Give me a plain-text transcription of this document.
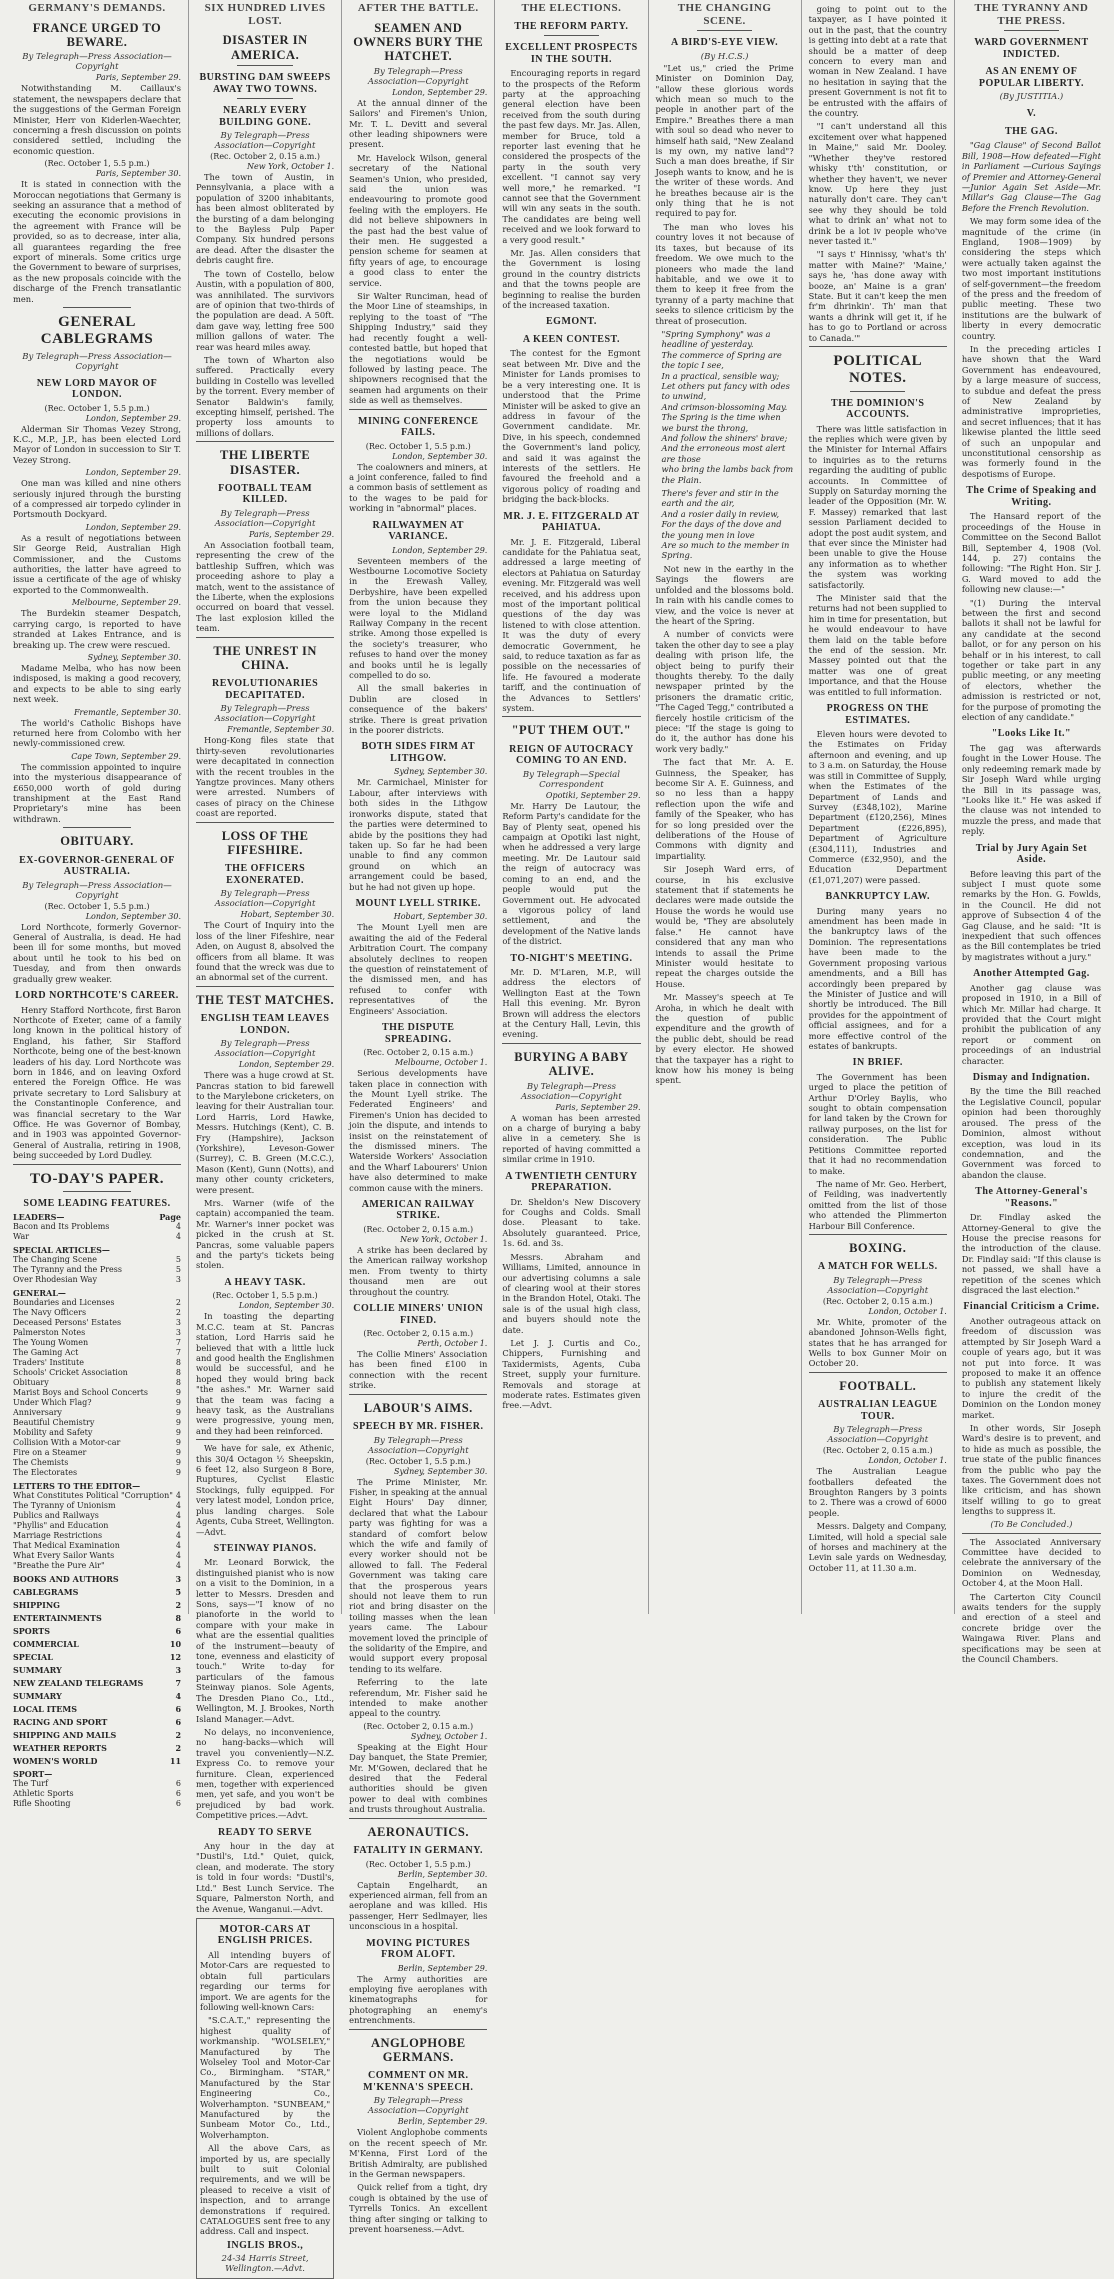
GERMANY'S DEMANDS.
FRANCE URGED TO BEWARE.
By Telegraph—Press Association—Copyright
Paris, September 29.

Notwithstanding M. Caillaux's statement, the newspapers declare that the suggestions of the German Foreign Minister, Herr von Kiderlen-Waechter, concerning a fresh discussion on points considered settled, including the economic question.

(Rec. October 1, 5.5 p.m.)
Paris, September 30.

It is stated in connection with the Moroccan negotiations that Germany is seeking an assurance that a method of executing the economic provisions in the agreement with France will be provided, so as to decrease, inter alia, all guarantees regarding the free export of minerals. Some critics urge the Government to beware of surprises, as the new proposals coincide with the discharge of the French transatlantic men.

GENERAL CABLEGRAMS
By Telegraph—Press Association—Copyright
NEW LORD MAYOR OF LONDON.
(Rec. October 1, 5.5 p.m.)
London, September 29.

Alderman Sir Thomas Vezey Strong, K.C., M.P., J.P., has been elected Lord Mayor of London in succession to Sir T. Vezey Strong.

London, September 29.

One man was killed and nine others seriously injured through the bursting of a compressed air torpedo cylinder in Portsmouth Dockyard.

London, September 29.

As a result of negotiations between Sir George Reid, Australian High Commissioner, and the Customs authorities, the latter have agreed to issue a certificate of the age of whisky exported to the Commonwealth.

Melbourne, September 29.

The Burdekin steamer Despatch, carrying cargo, is reported to have stranded at Lakes Entrance, and is breaking up. The crew were rescued.

Sydney, September 30.

Madame Melba, who has now been indisposed, is making a good recovery, and expects to be able to sing early next week.

Fremantle, September 30.

The world's Catholic Bishops have returned here from Colombo with her newly-commissioned crew.

Cape Town, September 29.

The commission appointed to inquire into the mysterious disappearance of £650,000 worth of gold during transhipment at the East Rand Proprietary's mine has been withdrawn.

OBITUARY.
EX-GOVERNOR-GENERAL OF AUSTRALIA.
By Telegraph—Press Association—Copyright
(Rec. October 1, 5.5 p.m.)
London, September 30.

Lord Northcote, formerly Governor-General of Australia, is dead. He had been ill for some months, but moved about until he took to his bed on Tuesday, and from then onwards gradually grew weaker.

LORD NORTHCOTE'S CAREER.

Henry Stafford Northcote, first Baron Northcote of Exeter, came of a family long known in the political history of England, his father, Sir Stafford Northcote, being one of the best-known leaders of his day. Lord Northcote was born in 1846, and on leaving Oxford entered the Foreign Office. He was private secretary to Lord Salisbury at the Constantinople Conference, and was financial secretary to the War Office. He was Governor of Bombay, and in 1903 was appointed Governor-General of Australia, retiring in 1908, being succeeded by Lord Dudley.

TO-DAY'S PAPER.
SOME LEADING FEATURES.
LEADERS—	Page
Bacon and Its Problems	4
War	4
SPECIAL ARTICLES—
The Changing Scene	5
The Tyranny and the Press	5
Over Rhodesian Way	3
GENERAL—
Boundaries and Licenses	2
The Navy Officers	2
Deceased Persons' Estates	3
Palmerston Notes	3
The Young Women	7
The Gaming Act	7
Traders' Institute	8
Schools' Cricket Association	8
Obituary	8
Marist Boys and School Concerts	9
Under Which Flag?	9
Anniversary	9
Beautiful Chemistry	9
Mobility and Safety	9
Collision With a Motor-car	9
Fire on a Steamer	9
The Chemists	9
The Electorates	9
LETTERS TO THE EDITOR—
What Constitutes Political "Corruption" 4
The Tyranny of Unionism	4
Publics and Railways	4
"Phyllis" and Education	4
Marriage Restrictions	4
That Medical Examination	4
What Every Sailor Wants	4
"Breathe the Pure Air"	4
BOOKS AND AUTHORS	3
CABLEGRAMS	5
SHIPPING	2
ENTERTAINMENTS	8
SPORTS	6
COMMERCIAL	10
SPECIAL	12
SUMMARY	3
NEW ZEALAND TELEGRAMS	7
SUMMARY	4
LOCAL ITEMS	6
RACING AND SPORT	6
SHIPPING AND MAILS	2
WEATHER REPORTS	2
WOMEN'S WORLD	11
SPORT—
The Turf	6
Athletic Sports	6
Rifle Shooting	6
SIX HUNDRED LIVES LOST.
DISASTER IN AMERICA.
BURSTING DAM SWEEPS AWAY TWO TOWNS.
NEARLY EVERY BUILDING GONE.
By Telegraph—Press Association—Copyright
(Rec. October 2, 0.15 a.m.)
New York, October 1.

The town of Austin, in Pennsylvania, a place with a population of 3200 inhabitants, has been almost obliterated by the bursting of a dam belonging to the Bayless Pulp Paper Company. Six hundred persons are dead. After the disaster the debris caught fire.

The town of Costello, below Austin, with a population of 800, was annihilated. The survivors are of opinion that two-thirds of the population are dead. A 50ft. dam gave way, letting free 500 million gallons of water. The rear was heard miles away.

The town of Wharton also suffered. Practically every building in Costello was levelled by the torrent. Every member of Senator Baldwin's family, excepting himself, perished. The property loss amounts to millions of dollars.

THE LIBERTE DISASTER.
FOOTBALL TEAM KILLED.
By Telegraph—Press Association—Copyright
Paris, September 29.

An Association football team, representing the crew of the battleship Suffren, which was proceeding ashore to play a match, went to the assistance of the Liberte, when the explosions occurred on board that vessel. The last explosion killed the team.

THE UNREST IN CHINA.
REVOLUTIONARIES DECAPITATED.
By Telegraph—Press Association—Copyright
Fremantle, September 30.

Hong-Kong files state that thirty-seven revolutionaries were decapitated in connection with the recent troubles in the Yangtze provinces. Many others were arrested. Numbers of cases of piracy on the Chinese coast are reported.

LOSS OF THE FIFESHIRE.
THE OFFICERS EXONERATED.
By Telegraph—Press Association—Copyright
Hobart, September 30.

The Court of Inquiry into the loss of the liner Fifeshire, near Aden, on August 8, absolved the officers from all blame. It was found that the wreck was due to an abnormal set of the current.

THE TEST MATCHES.
ENGLISH TEAM LEAVES LONDON.
By Telegraph—Press Association—Copyright
London, September 29.

There was a huge crowd at St. Pancras station to bid farewell to the Marylebone cricketers, on leaving for their Australian tour. Lord Harris, Lord Hawke, Messrs. Hutchings (Kent), C. B. Fry (Hampshire), Jackson (Yorkshire), Leveson-Gower (Surrey), C. B. Green (M.C.C.), Mason (Kent), Gunn (Notts), and many other county cricketers, were present.

Mrs. Warner (wife of the captain) accompanied the team. Mr. Warner's inner pocket was picked in the crush at St. Pancras, some valuable papers and the party's tickets being stolen.

A HEAVY TASK.
(Rec. October 1, 5.5 p.m.)
London, September 30.

In toasting the departing M.C.C. team at St. Pancras station, Lord Harris said he believed that with a little luck and good health the Englishmen would be successful, and he hoped they would bring back "the ashes." Mr. Warner said that the team was facing a heavy task, as the Australians were progressive, young men, and they had been reinforced.

We have for sale, ex Athenic, this 30/4 Octagon ½ Sheepskin, 6 feet 12, also Surgeon 8 Bore, Ruptures, Cyclist Elastic Stockings, fully equipped. For very latest model, London price, plus landing charges. Sole Agents, Cuba Street, Wellington.—Advt.

STEINWAY PIANOS.

Mr. Leonard Borwick, the distinguished pianist who is now on a visit to the Dominion, in a letter to Messrs. Dresden and Sons, says—"I know of no pianoforte in the world to compare with your make in what are the essential qualities of the instrument—beauty of tone, evenness and elasticity of touch." Write to-day for particulars of the famous Steinway pianos. Sole Agents, The Dresden Piano Co., Ltd., Wellington, M. J. Brookes, North Island Manager.—Advt.

No delays, no inconvenience, no hang-backs—which will travel you conveniently—N.Z. Express Co. to remove your furniture. Clean, experienced men, together with experienced men, yet safe, and you won't be prejudiced by bad work. Competitive prices.—Advt.

READY TO SERVE

Any hour in the day at "Dustil's, Ltd." Quiet, quick, clean, and moderate. The story is told in four words: "Dustil's, Ltd." Best Lunch Service. The Square, Palmerston North, and the Avenue, Wanganui.—Advt.

MOTOR-CARS AT ENGLISH PRICES.

All intending buyers of Motor-Cars are requested to obtain full particulars regarding our terms for import. We are agents for the following well-known Cars:

"S.C.A.T.," representing the highest quality of workmanship. "WOLSELEY," Manufactured by The Wolseley Tool and Motor-Car Co., Birmingham. "STAR," Manufactured by the Star Engineering Co., Wolverhampton. "SUNBEAM," Manufactured by the Sunbeam Motor Co., Ltd., Wolverhampton.

All the above Cars, as imported by us, are specially built to suit Colonial requirements, and we will be pleased to receive a visit of inspection, and to arrange demonstrations if required. CATALOGUES sent free to any address. Call and inspect.

INGLIS BROS.,
24-34 Harris Street, Wellington.—Advt.
AFTER THE BATTLE.
SEAMEN AND OWNERS BURY THE HATCHET.
By Telegraph—Press Association—Copyright
London, September 29.

At the annual dinner of the Sailors' and Firemen's Union, Mr. T. L. Devitt and several other leading shipowners were present.

Mr. Havelock Wilson, general secretary of the National Seamen's Union, who presided, said the union was endeavouring to promote good feeling with the employers. He did not believe shipowners in the past had the best value of their men. He suggested a pension scheme for seamen at fifty years of age, to encourage a good class to enter the service.

Sir Walter Runciman, head of the Moor Line of steamships, in replying to the toast of "The Shipping Industry," said they had recently fought a well-contested battle, but hoped that the negotiations would be followed by lasting peace. The shipowners recognised that the seamen had arguments on their side as well as themselves.

MINING CONFERENCE FAILS.
(Rec. October 1, 5.5 p.m.)
London, September 30.

The coalowners and miners, at a joint conference, failed to find a common basis of settlement as to the wages to be paid for working in "abnormal" places.

RAILWAYMEN AT VARIANCE.
London, September 29.

Seventeen members of the Westbourne Locomotive Society in the Erewash Valley, Derbyshire, have been expelled from the union because they were loyal to the Midland Railway Company in the recent strike. Among those expelled is the society's treasurer, who refuses to hand over the money and books until he is legally compelled to do so.

All the small bakeries in Dublin are closed in consequence of the bakers' strike. There is great privation in the poorer districts.

BOTH SIDES FIRM AT LITHGOW.
Sydney, September 30.

Mr. Carmichael, Minister for Labour, after interviews with both sides in the Lithgow ironworks dispute, stated that the parties were determined to abide by the positions they had taken up. So far he had been unable to find any common ground on which an arrangement could be based, but he had not given up hope.

MOUNT LYELL STRIKE.
Hobart, September 30.

The Mount Lyell men are awaiting the aid of the Federal Arbitration Court. The company absolutely declines to reopen the question of reinstatement of the dismissed men, and has refused to confer with representatives of the Engineers' Association.

THE DISPUTE SPREADING.
(Rec. October 2, 0.15 a.m.)
Melbourne, October 1.

Serious developments have taken place in connection with the Mount Lyell strike. The Federated Engineers' and Firemen's Union has decided to join the dispute, and intends to insist on the reinstatement of the dismissed miners. The Waterside Workers' Association and the Wharf Labourers' Union have also determined to make common cause with the miners.

AMERICAN RAILWAY STRIKE.
(Rec. October 2, 0.15 a.m.)
New York, October 1.

A strike has been declared by the American railway workshop men. From twenty to thirty thousand men are out throughout the country.

COLLIE MINERS' UNION FINED.
(Rec. October 2, 0.15 a.m.)
Perth, October 1.

The Collie Miners' Association has been fined £100 in connection with the recent strike.

LABOUR'S AIMS.
SPEECH BY MR. FISHER.
By Telegraph—Press Association—Copyright
(Rec. October 1, 5.5 p.m.)
Sydney, September 30.

The Prime Minister, Mr. Fisher, in speaking at the annual Eight Hours' Day dinner, declared that what the Labour party was fighting for was a standard of comfort below which the wife and family of every worker should not be allowed to fall. The Federal Government was taking care that the prosperous years should not leave them to run riot and bring disaster on the toiling masses when the lean years came. The Labour movement loved the principle of the solidarity of the Empire, and would support every proposal tending to its welfare.

Referring to the late referendum, Mr. Fisher said he intended to make another appeal to the country.

(Rec. October 2, 0.15 a.m.)
Sydney, October 1.

Speaking at the Eight Hour Day banquet, the State Premier, Mr. M'Gowen, declared that he desired that the Federal authorities should be given power to deal with combines and trusts throughout Australia.

AERONAUTICS.
FATALITY IN GERMANY.
(Rec. October 1, 5.5 p.m.)
Berlin, September 30.

Captain Engelhardt, an experienced airman, fell from an aeroplane and was killed. His passenger, Herr Sedlmayer, lies unconscious in a hospital.

MOVING PICTURES FROM ALOFT.
Berlin, September 29.

The Army authorities are employing five aeroplanes with kinematographs for photographing an enemy's entrenchments.

ANGLOPHOBE GERMANS.
COMMENT ON MR. M'KENNA'S SPEECH.
By Telegraph—Press Association—Copyright
Berlin, September 29.

Violent Anglophobe comments on the recent speech of Mr. M'Kenna, First Lord of the British Admiralty, are published in the German newspapers.

Quick relief from a tight, dry cough is obtained by the use of Tyrrells Tonics. An excellent thing after singing or talking to prevent hoarseness.—Advt.

THE ELECTIONS.
THE REFORM PARTY.
EXCELLENT PROSPECTS IN THE SOUTH.

Encouraging reports in regard to the prospects of the Reform party at the approaching general election have been received from the south during the past few days. Mr. Jas. Allen, member for Bruce, told a reporter last evening that he considered the prospects of the party in the south very excellent. "I cannot say very well more," he remarked. "I cannot see that the Government will win any seats in the south. The candidates are being well received and we look forward to a very good result."

Mr. Jas. Allen considers that the Government is losing ground in the country districts and that the towns people are beginning to realise the burden of the increased taxation.

EGMONT.
A KEEN CONTEST.

The contest for the Egmont seat between Mr. Dive and the Minister for Lands promises to be a very interesting one. It is understood that the Prime Minister will be asked to give an address in favour of the Government candidate. Mr. Dive, in his speech, condemned the Government's land policy, and said it was against the interests of the settlers. He favoured the freehold and a vigorous policy of roading and bridging the back-blocks.

MR. J. E. FITZGERALD AT PAHIATUA.

Mr. J. E. Fitzgerald, Liberal candidate for the Pahiatua seat, addressed a large meeting of electors at Pahiatua on Saturday evening. Mr. Fitzgerald was well received, and his address upon most of the important political questions of the day was listened to with close attention. It was the duty of every democratic Government, he said, to reduce taxation as far as possible on the necessaries of life. He favoured a moderate tariff, and the continuation of the Advances to Settlers' system.

"PUT THEM OUT."
REIGN OF AUTOCRACY COMING TO AN END.
By Telegraph—Special Correspondent
Opotiki, September 29.

Mr. Harry De Lautour, the Reform Party's candidate for the Bay of Plenty seat, opened his campaign at Opotiki last night, when he addressed a very large meeting. Mr. De Lautour said the reign of autocracy was coming to an end, and the people would put the Government out. He advocated a vigorous policy of land settlement, and the development of the Native lands of the district.

TO-NIGHT'S MEETING.

Mr. D. M'Laren, M.P., will address the electors of Wellington East at the Town Hall this evening. Mr. Byron Brown will address the electors at the Century Hall, Levin, this evening.

BURYING A BABY ALIVE.
By Telegraph—Press Association—Copyright
Paris, September 29.

A woman has been arrested on a charge of burying a baby alive in a cemetery. She is reported of having committed a similar crime in 1910.

A TWENTIETH CENTURY PREPARATION.

Dr. Sheldon's New Discovery for Coughs and Colds. Small dose. Pleasant to take. Absolutely guaranteed. Price, 1s. 6d. and 3s.

Messrs. Abraham and Williams, Limited, announce in our advertising columns a sale of clearing wool at their stores in the Brandon Hotel, Otaki. The sale is of the usual high class, and buyers should note the date.

Let J. J. Curtis and Co., Chippers, Furnishing and Taxidermists, Agents, Cuba Street, supply your furniture. Removals and storage at moderate rates. Estimates given free.—Advt.

THE CHANGING SCENE.
A BIRD'S-EYE VIEW.
(By H.C.S.)

"Let us," cried the Prime Minister on Dominion Day, "allow these glorious words which mean so much to the people in another part of the Empire." Breathes there a man with soul so dead who never to himself hath said, "New Zealand is my own, my native land"? Such a man does breathe, if Sir Joseph wants to know, and he is the writer of these words. And he breathes because air is the only thing that he is not required to pay for.

The man who loves his country loves it not because of its taxes, but because of its freedom. We owe much to the pioneers who made the land habitable, and we owe it to them to keep it free from the tyranny of a party machine that seeks to silence criticism by the threat of prosecution.

"Spring Symphony" was a headline of yesterday.
The commerce of Spring are the topic I see,
In a practical, sensible way;
Let others put fancy with odes to unwind,
And crimson-blossoming May.
The Spring is the time when we burst the throng,
And follow the shiners' brave;
And the erroneous most alert are those
who bring the lambs back from the Plain.
There's fever and stir in the earth and the air,
And a rosier daily in review,
For the days of the dove and the young men in love
Are so much to the member in Spring.

Not new in the earthy in the Sayings the flowers are unfolded and the blossoms bold. In rain with his candle comes to view, and the voice is never at the heart of the Spring.

A number of convicts were taken the other day to see a play dealing with prison life, the object being to purify their thoughts thereby. To the daily newspaper printed by the prisoners the dramatic critic, "The Caged Tegg," contributed a fiercely hostile criticism of the piece: "If the stage is going to do it, the author has done his work very badly."

The fact that Mr. A. E. Guinness, the Speaker, has become Sir A. E. Guinness, and so no less than a happy reflection upon the wife and family of the Speaker, who has for so long presided over the deliberations of the House of Commons with dignity and impartiality.

Sir Joseph Ward errs, of course, in his exclusive statement that if statements he declares were made outside the House the words he would use would be, "They are absolutely false." He cannot have considered that any man who intends to assail the Prime Minister would hesitate to repeat the charges outside the House.

Mr. Massey's speech at Te Aroha, in which he dealt with the question of public expenditure and the growth of the public debt, should be read by every elector. He showed that the taxpayer has a right to know how his money is being spent.

going to point out to the taxpayer, as I have pointed it out in the past, that the country is getting into debt at a rate that should be a matter of deep concern to every man and woman in New Zealand. I have no hesitation in saying that the present Government is not fit to be entrusted with the affairs of the country.

"I can't understand all this excitement over what happened in Maine," said Mr. Dooley. "Whether they've restored whisky t'th' constitution, or whether they haven't, we never know. Up here they just naturally don't care. They can't see why they should be told what to drink an' what not to drink be a lot iv people who've never tasted it."

"I says t' Hinnissy, 'what's th' matter with Maine?' 'Maine,' says he, 'has done away with booze, an' Maine is a gran' State. But it can't keep the men fr'm dhrinkin'. Th' man that wants a dhrink will get it, if he has to go to Portland or across to Canada.'"

POLITICAL NOTES.
THE DOMINION'S ACCOUNTS.

There was little satisfaction in the replies which were given by the Minister for Internal Affairs to inquiries as to the returns regarding the auditing of public accounts. In Committee of Supply on Saturday morning the leader of the Opposition (Mr. W. F. Massey) remarked that last session Parliament decided to adopt the post audit system, and that ever since the Minister had been unable to give the House any information as to whether the system was working satisfactorily.

The Minister said that the returns had not been supplied to him in time for presentation, but he would endeavour to have them laid on the table before the end of the session. Mr. Massey pointed out that the matter was one of great importance, and that the House was entitled to full information.

PROGRESS ON THE ESTIMATES.

Eleven hours were devoted to the Estimates on Friday afternoon and evening, and up to 3 a.m. on Saturday, the House was still in Committee of Supply, when the Estimates of the Department of Lands and Survey (£348,102), Marine Department (£120,256), Mines Department (£226,895), Department of Agriculture (£304,111), Industries and Commerce (£32,950), and the Education Department (£1,071,207) were passed.

BANKRUPTCY LAW.

During many years no amendment has been made in the bankruptcy laws of the Dominion. The representations have been made to the Government proposing various amendments, and a Bill has accordingly been prepared by the Minister of Justice and will shortly be introduced. The Bill provides for the appointment of official assignees, and for a more effective control of the estates of bankrupts.

IN BRIEF.

The Government has been urged to place the petition of Arthur D'Orley Baylis, who sought to obtain compensation for land taken by the Crown for railway purposes, on the list for consideration. The Public Petitions Committee reported that it had no recommendation to make.

The name of Mr. Geo. Herbert, of Feilding, was inadvertently omitted from the list of those who attended the Plimmerton Harbour Bill Conference.

BOXING.
A MATCH FOR WELLS.
By Telegraph—Press Association—Copyright
(Rec. October 2, 0.15 a.m.)
London, October 1.

Mr. White, promoter of the abandoned Johnson-Wells fight, states that he has arranged for Wells to box Gunner Moir on October 20.

FOOTBALL.
AUSTRALIAN LEAGUE TOUR.
By Telegraph—Press Association—Copyright
(Rec. October 2, 0.15 a.m.)
London, October 1.

The Australian League footballers defeated the Broughton Rangers by 3 points to 2. There was a crowd of 6000 people.

Messrs. Dalgety and Company, Limited, will hold a special sale of horses and machinery at the Levin sale yards on Wednesday, October 11, at 11.30 a.m.

THE TYRANNY AND THE PRESS.
WARD GOVERNMENT INDICTED.
AS AN ENEMY OF POPULAR LIBERTY.
(By JUSTITIA.)
V.
THE GAG.

"Gag Clause" of Second Ballot Bill, 1908—How defeated—Fight in Parliament —Curious Sayings of Premier and Attorney-General—Junior Again Set Aside—Mr. Millar's Gag Clause—The Gag Before the French Revolution.

We may form some idea of the magnitude of the crime (in England, 1908—1909) by considering the steps which were actually taken against the two most important institutions of self-government—the freedom of the press and the freedom of public meeting. These two institutions are the bulwark of liberty in every democratic country.

In the preceding articles I have shown that the Ward Government has endeavoured, by a large measure of success, to subdue and defeat the press of New Zealand by administrative improprieties, and secret influences; that it has likewise planted the little seed of such an unpopular and unconstitutional censorship as was formerly found in the despotisms of Europe.

The Crime of Speaking and Writing.

The Hansard report of the proceedings of the House in Committee on the Second Ballot Bill, September 4, 1908 (Vol. 144, p. 27) contains the following: "The Right Hon. Sir J. G. Ward moved to add the following new clause:—"

"(1) During the interval between the first and second ballots it shall not be lawful for any candidate at the second ballot, or for any person on his behalf or in his interest, to call together or take part in any public meeting, or any meeting of electors, whether the admission is restricted or not, for the purpose of promoting the election of any candidate."

"Looks Like It."

The gag was afterwards fought in the Lower House. The only redeeming remark made by Sir Joseph Ward while urging the Bill in its passage was, "Looks like it." He was asked if the clause was not intended to muzzle the press, and made that reply.

Trial by Jury Again Set Aside.

Before leaving this part of the subject I must quote some remarks by the Hon. G. Fowlds, in the Council. He did not approve of Subsection 4 of the Gag Clause, and he said: "It is inexpedient that such offences as the Bill contemplates be tried by magistrates without a jury."

Another Attempted Gag.

Another gag clause was proposed in 1910, in a Bill of which Mr. Millar had charge. It provided that the Court might prohibit the publication of any report or comment on proceedings of an industrial character.

Dismay and Indignation.

By the time the Bill reached the Legislative Council, popular opinion had been thoroughly aroused. The press of the Dominion, almost without exception, was loud in its condemnation, and the Government was forced to abandon the clause.

The Attorney-General's "Reasons."

Dr. Findlay asked the Attorney-General to give the House the precise reasons for the introduction of the clause. Dr. Findlay said: "If this clause is not passed, we shall have a repetition of the scenes which disgraced the last election."

Financial Criticism a Crime.

Another outrageous attack on freedom of discussion was attempted by Sir Joseph Ward a couple of years ago, but it was not put into force. It was proposed to make it an offence to publish any statement likely to injure the credit of the Dominion on the London money market.

In other words, Sir Joseph Ward's desire is to prevent, and to hide as much as possible, the true state of the public finances from the public who pay the taxes. The Government does not like criticism, and has shown itself willing to go to great lengths to suppress it.

(To Be Concluded.)

The Associated Anniversary Committee have decided to celebrate the anniversary of the Dominion on Wednesday, October 4, at the Moon Hall.

The Carterton City Council awaits tenders for the supply and erection of a steel and concrete bridge over the Waingawa River. Plans and specifications may be seen at the Council Chambers.
